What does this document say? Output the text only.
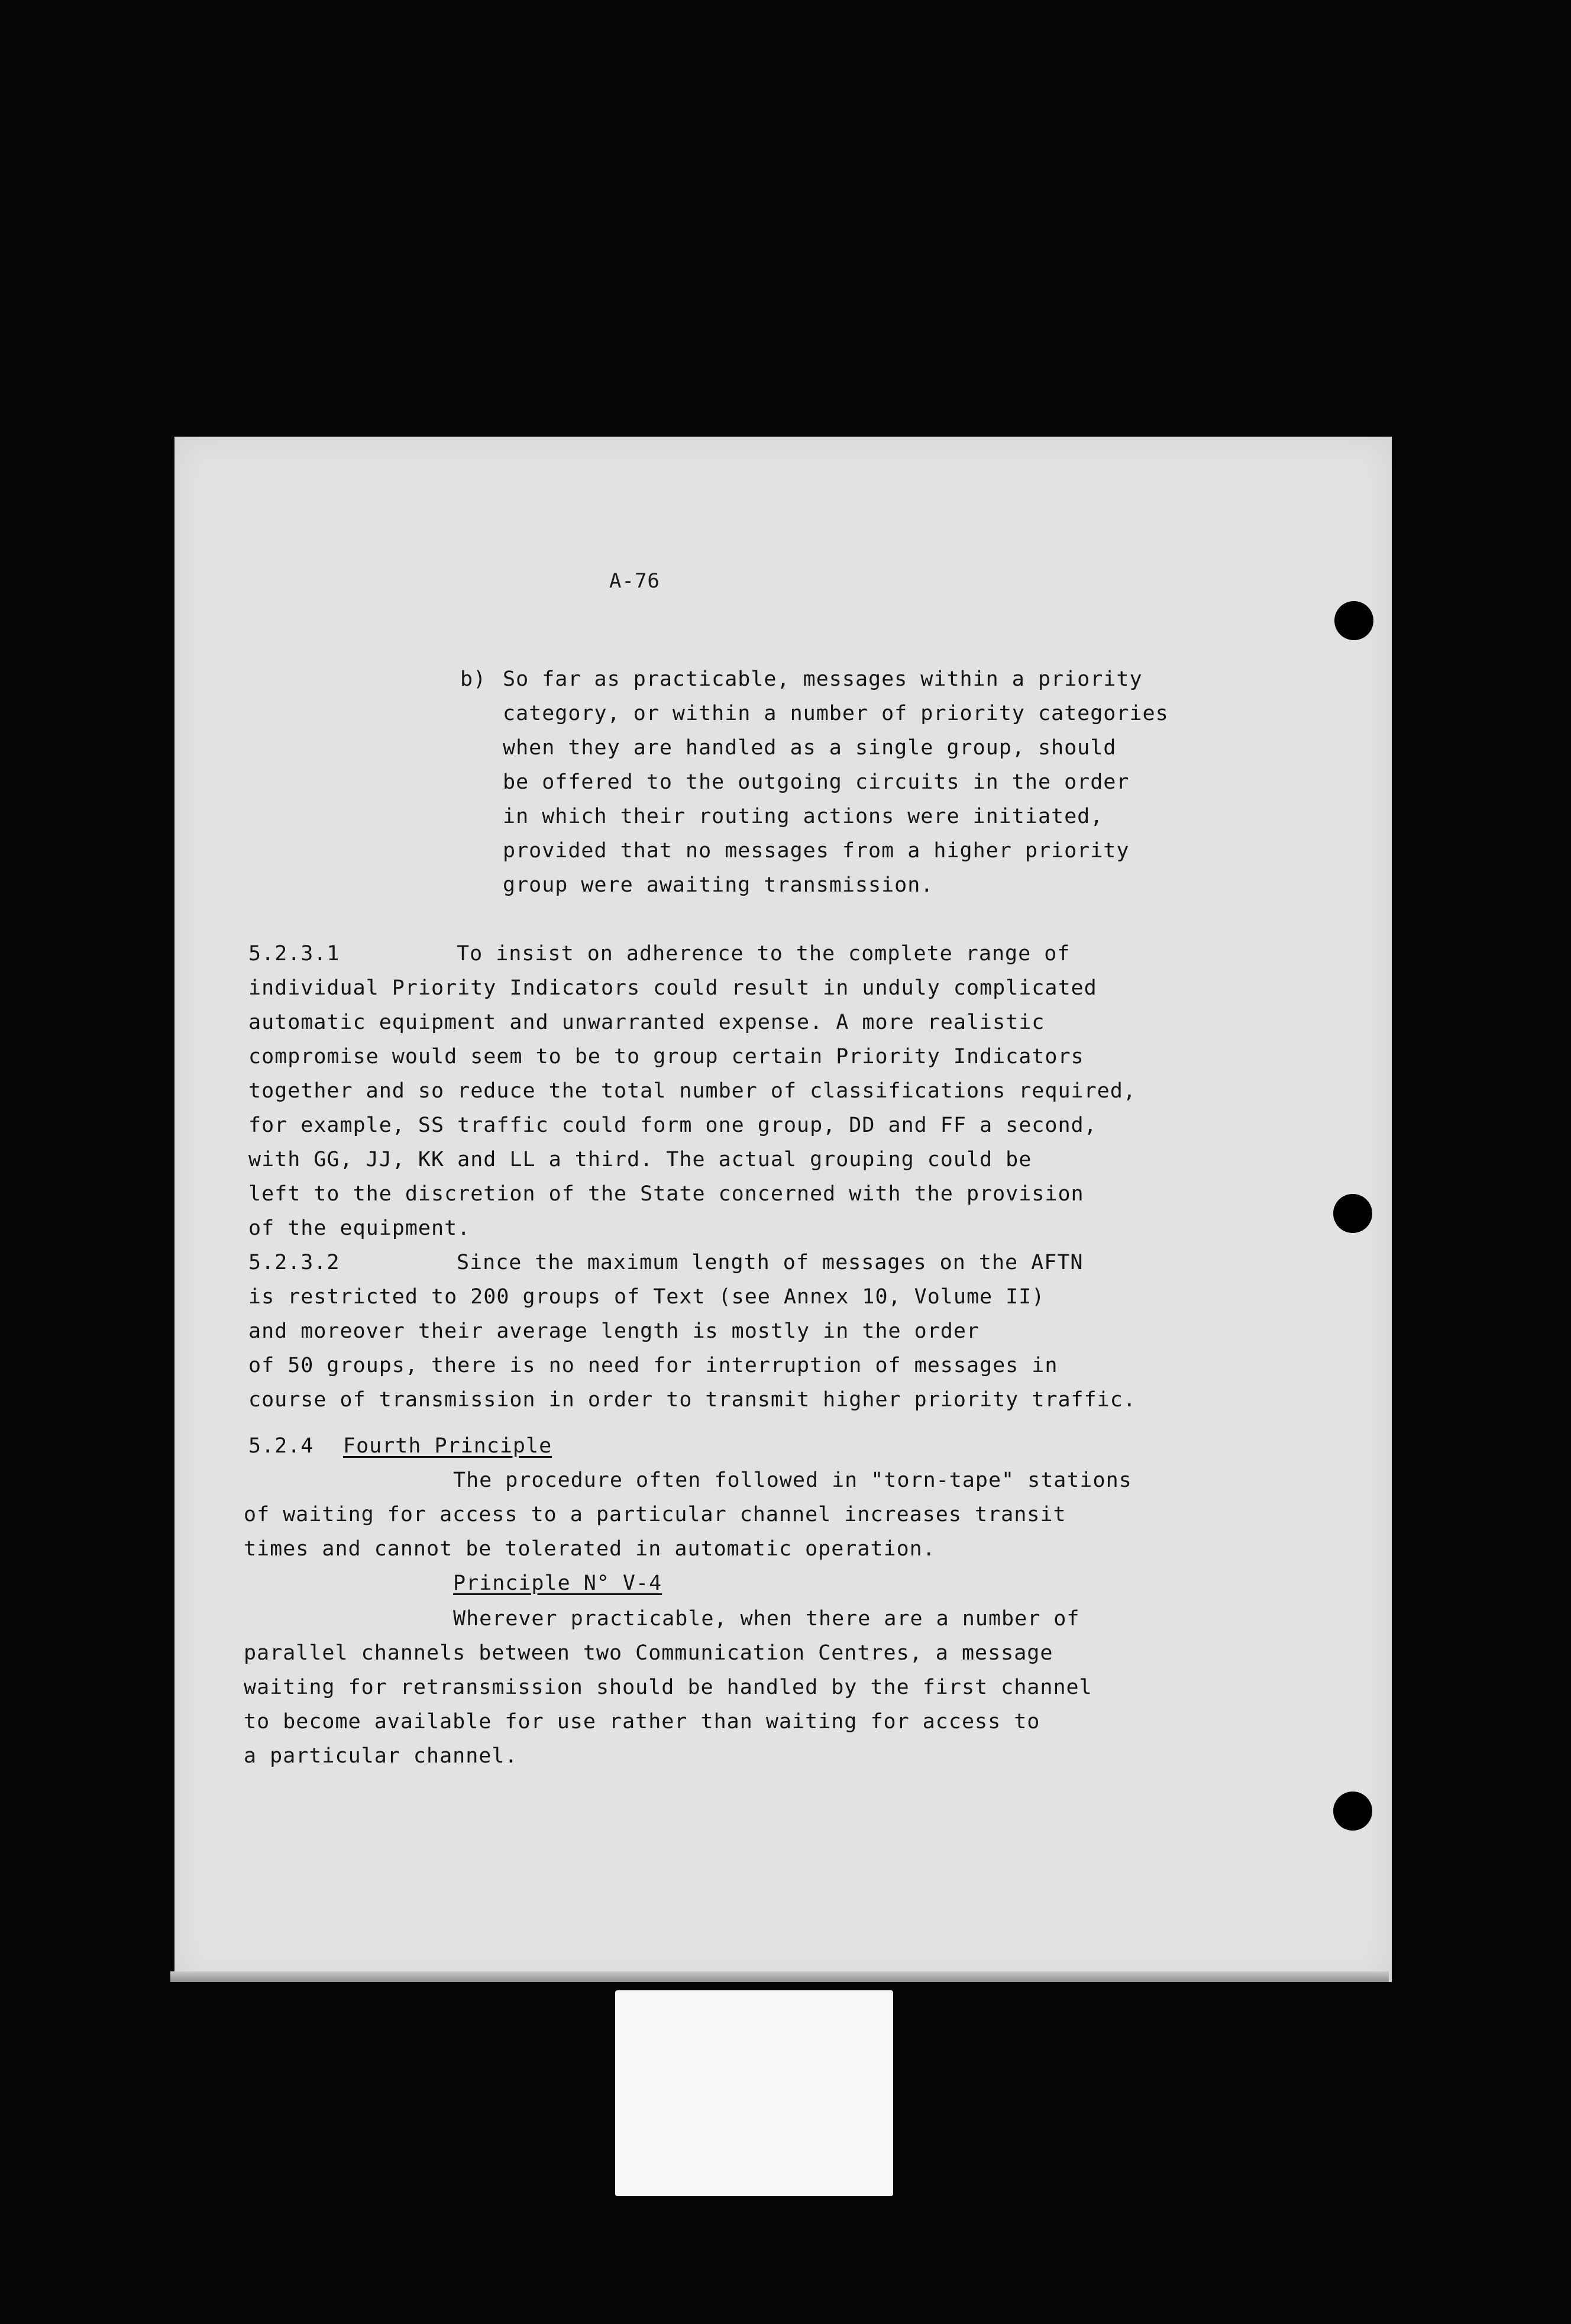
A-76

b)

So far as practicable, messages within a priority

category, or within a number of priority categories

when they are handled as a single group, should

be offered to the outgoing circuits in the order

in which their routing actions were initiated,

provided that no messages from a higher priority

group were awaiting transmission.

5.2.3.1

	To insist on adherence to the complete range of

individual Priority Indicators could result in unduly complicated

automatic equipment and unwarranted expense. A more realistic

compromise would seem to be to group certain Priority Indicators

together and so reduce the total number of classifications required,

for example, SS traffic could form one group, DD and FF a second,

with GG, JJ, KK and LL a third. The actual grouping could be

left to the discretion of the State concerned with the provision

of the equipment.

5.2.3.2

	Since the maximum length of messages on the AFTN

is restricted to 200 groups of Text (see Annex 10, Volume II)

and moreover their average length is mostly in the order

of 50 groups, there is no need for interruption of messages in

course of transmission in order to transmit higher priority traffic.

5.2.4

Fourth Principle

The procedure often followed in "torn-tape" stations

of waiting for access to a particular channel increases transit

times and cannot be tolerated in automatic operation.

Principle N° V-4

Wherever practicable, when there are a number of

parallel channels between two Communication Centres, a message

waiting for retransmission should be handled by the first channel

to become available for use rather than waiting for access to

a particular channel.
